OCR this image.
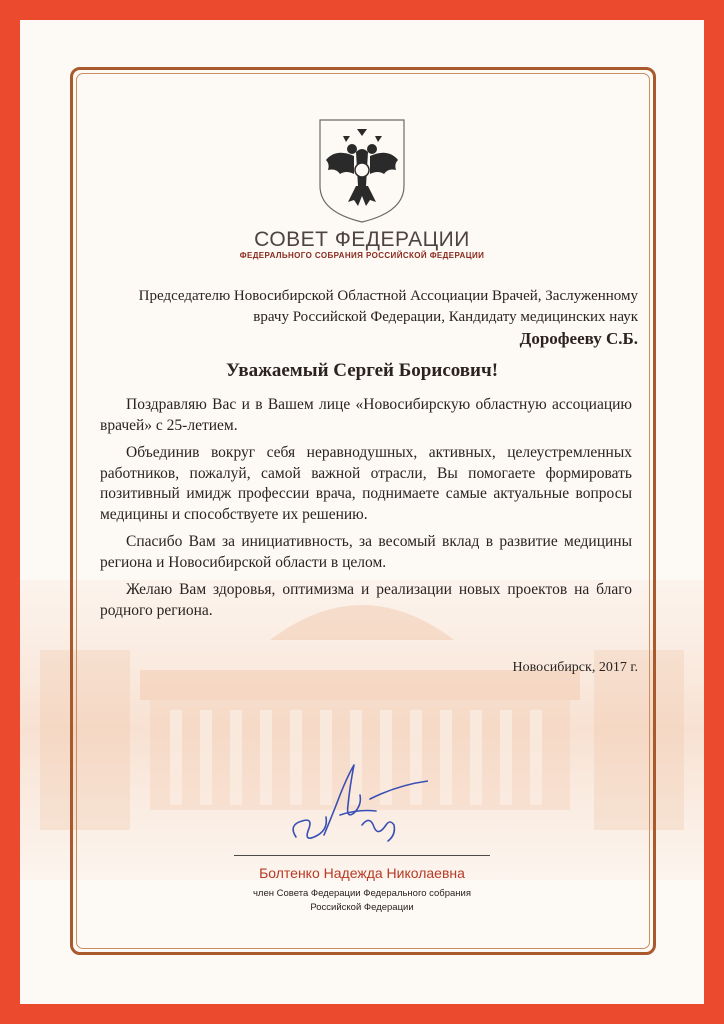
СОВЕТ ФЕДЕРАЦИИ
ФЕДЕРАЛЬНОГО СОБРАНИЯ РОССИЙСКОЙ ФЕДЕРАЦИИ
Председателю Новосибирской Областной Ассоциации Врачей, Заслуженному
врачу Российской Федерации, Кандидату медицинских наук
Дорофееву С.Б.
Уважаемый Сергей Борисович!

Поздравляю Вас и в Вашем лице «Новосибирскую областную ассоциацию врачей» с 25-летием.

Объединив вокруг себя неравнодушных, активных, целеустремленных работников, пожалуй, самой важной отрасли, Вы помогаете формировать позитивный имидж профессии врача, поднимаете самые актуальные вопросы медицины и способствуете их решению.

Спасибо Вам за инициативность, за весомый вклад в развитие медицины региона и Новосибирской области в целом.

Желаю Вам здоровья, оптимизма и реализации новых проектов на благо родного региона.

Новосибирск, 2017 г.
Болтенко Надежда Николаевна
член Совета Федерации Федерального собрания
Российской Федерации
